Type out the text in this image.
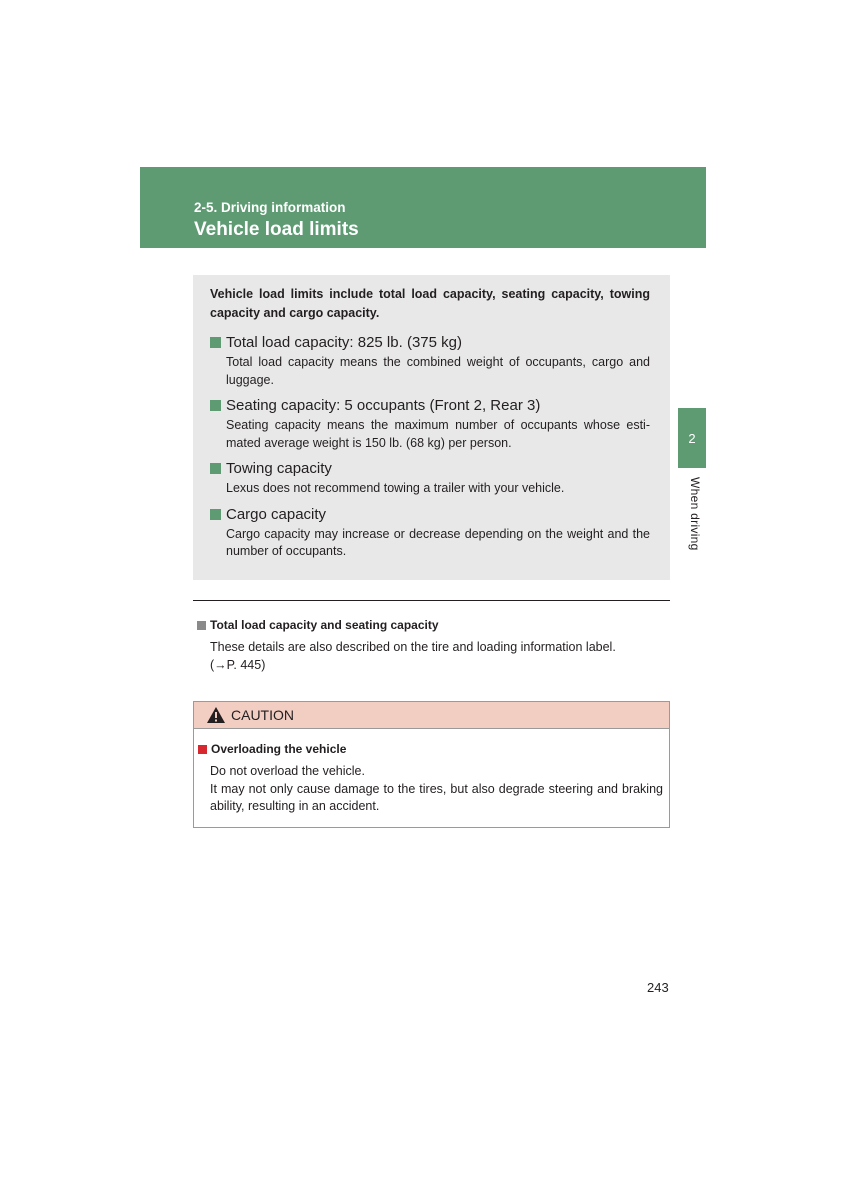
2-5. Driving information
Vehicle load limits
2
When driving

Vehicle load limits include total load capacity, seating capacity, towing capacity and cargo capacity.

Total load capacity: 825 lb. (375 kg)

Total load capacity means the combined weight of occupants, cargo and luggage.

Seating capacity: 5 occupants (Front 2, Rear 3)

Seating capacity means the maximum number of occupants whose esti-mated average weight is 150 lb. (68 kg) per person.

Towing capacity

Lexus does not recommend towing a trailer with your vehicle.

Cargo capacity

Cargo capacity may increase or decrease depending on the weight and the number of occupants.

Total load capacity and seating capacity
These details are also described on the tire and loading information label.
(→P. 445)
CAUTION
Overloading the vehicle
Do not overload the vehicle.
It may not only cause damage to the tires, but also degrade steering and braking ability, resulting in an accident.
243
